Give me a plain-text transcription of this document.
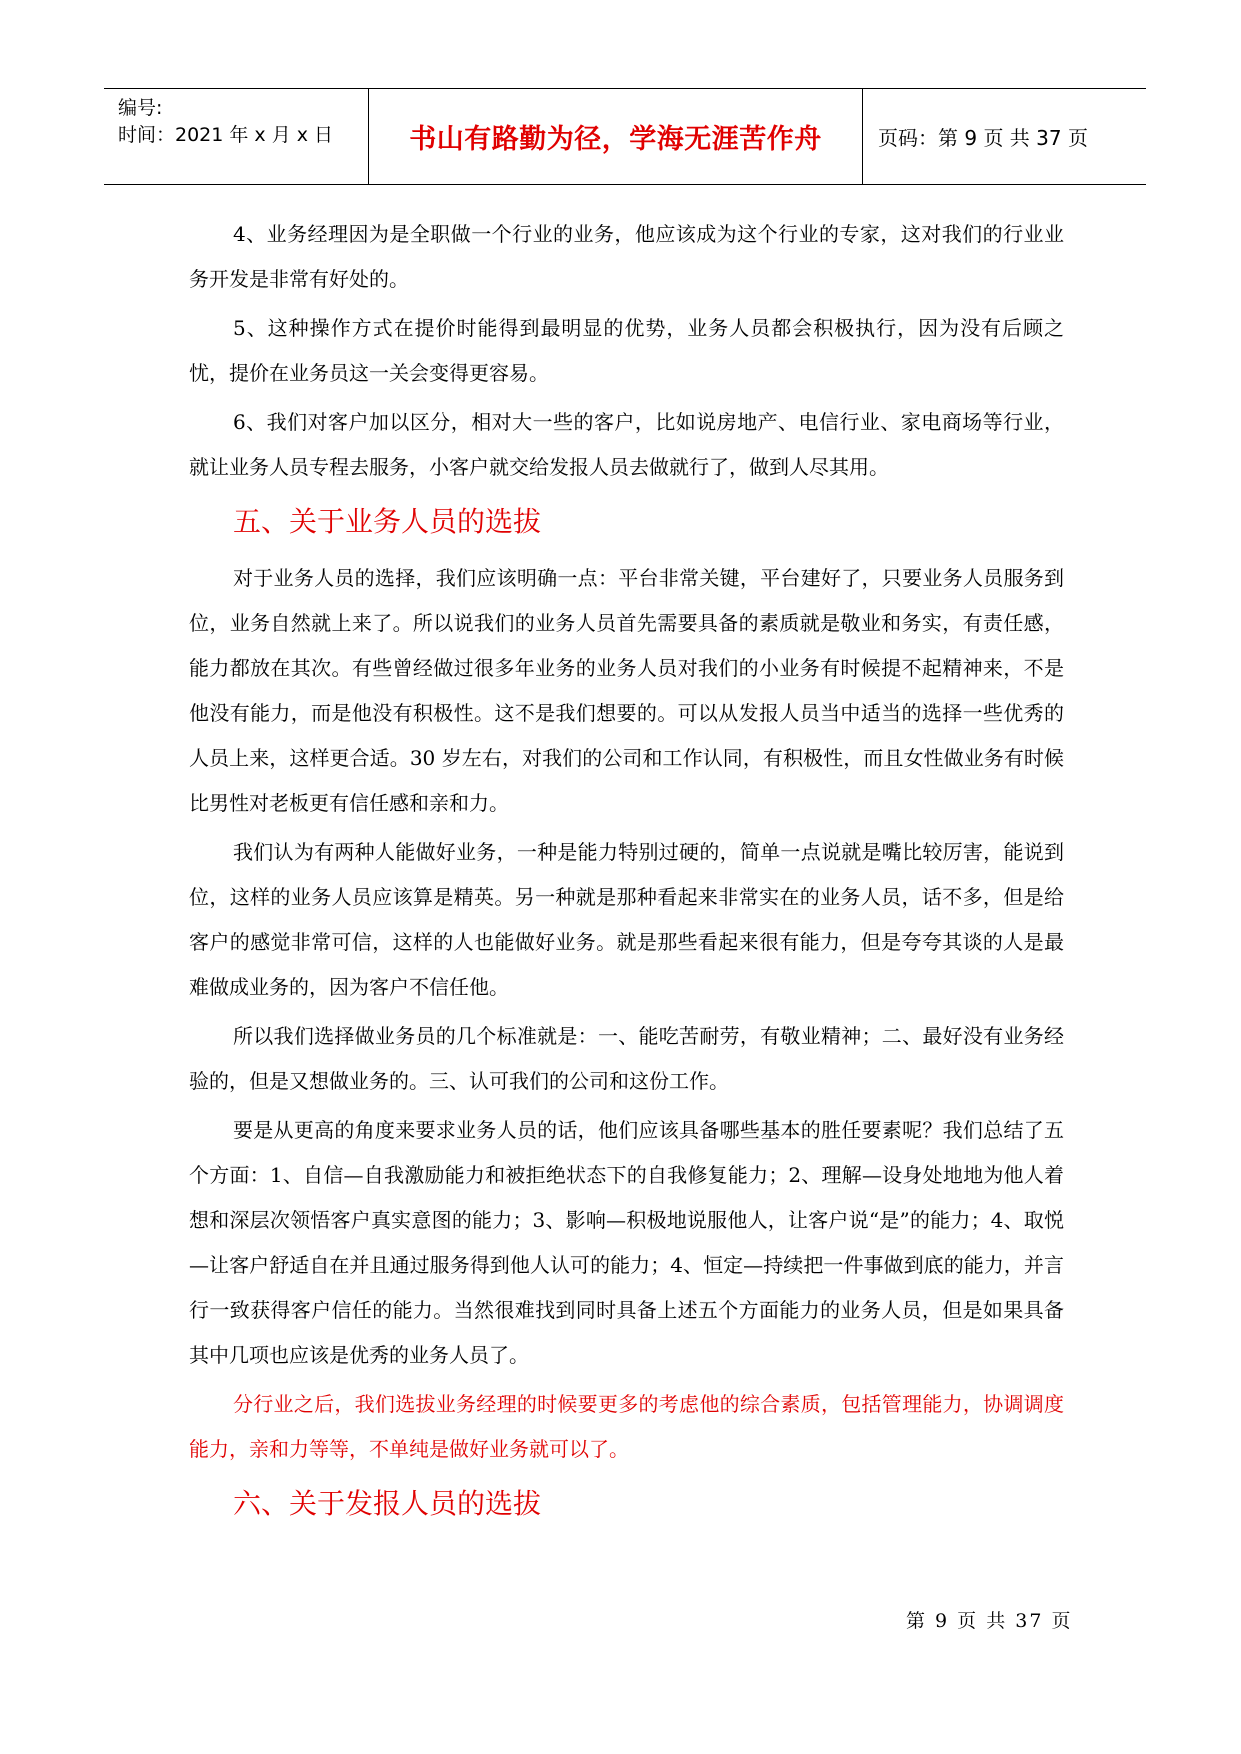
编号:
时间：2021 年 x 月 x 日	书山有路勤为径，学海无涯苦作舟	页码：第 9 页 共 37 页

4、业务经理因为是全职做一个行业的业务，他应该成为这个行业的专家，这对我们的行业业务开发是非常有好处的。

5、这种操作方式在提价时能得到最明显的优势，业务人员都会积极执行，因为没有后顾之忧，提价在业务员这一关会变得更容易。

6、我们对客户加以区分，相对大一些的客户，比如说房地产、电信行业、家电商场等行业，就让业务人员专程去服务，小客户就交给发报人员去做就行了，做到人尽其用。

五、关于业务人员的选拔

对于业务人员的选择，我们应该明确一点：平台非常关键，平台建好了，只要业务人员服务到位，业务自然就上来了。所以说我们的业务人员首先需要具备的素质就是敬业和务实，有责任感，能力都放在其次。有些曾经做过很多年业务的业务人员对我们的小业务有时候提不起精神来，不是他没有能力，而是他没有积极性。这不是我们想要的。可以从发报人员当中适当的选择一些优秀的人员上来，这样更合适。30 岁左右，对我们的公司和工作认同，有积极性，而且女性做业务有时候比男性对老板更有信任感和亲和力。

我们认为有两种人能做好业务，一种是能力特别过硬的，简单一点说就是嘴比较厉害，能说到位，这样的业务人员应该算是精英。另一种就是那种看起来非常实在的业务人员，话不多，但是给客户的感觉非常可信，这样的人也能做好业务。就是那些看起来很有能力，但是夸夸其谈的人是最难做成业务的，因为客户不信任他。

所以我们选择做业务员的几个标准就是：一、能吃苦耐劳，有敬业精神；二、最好没有业务经验的，但是又想做业务的。三、认可我们的公司和这份工作。

要是从更高的角度来要求业务人员的话，他们应该具备哪些基本的胜任要素呢？我们总结了五个方面：1、自信—自我激励能力和被拒绝状态下的自我修复能力；2、理解—设身处地地为他人着想和深层次领悟客户真实意图的能力；3、影响—积极地说服他人，让客户说“是”的能力；4、取悦—让客户舒适自在并且通过服务得到他人认可的能力；4、恒定—持续把一件事做到底的能力，并言行一致获得客户信任的能力。当然很难找到同时具备上述五个方面能力的业务人员，但是如果具备其中几项也应该是优秀的业务人员了。

分行业之后，我们选拔业务经理的时候要更多的考虑他的综合素质，包括管理能力，协调调度能力，亲和力等等，不单纯是做好业务就可以了。

六、关于发报人员的选拔
第 9 页 共 37 页
